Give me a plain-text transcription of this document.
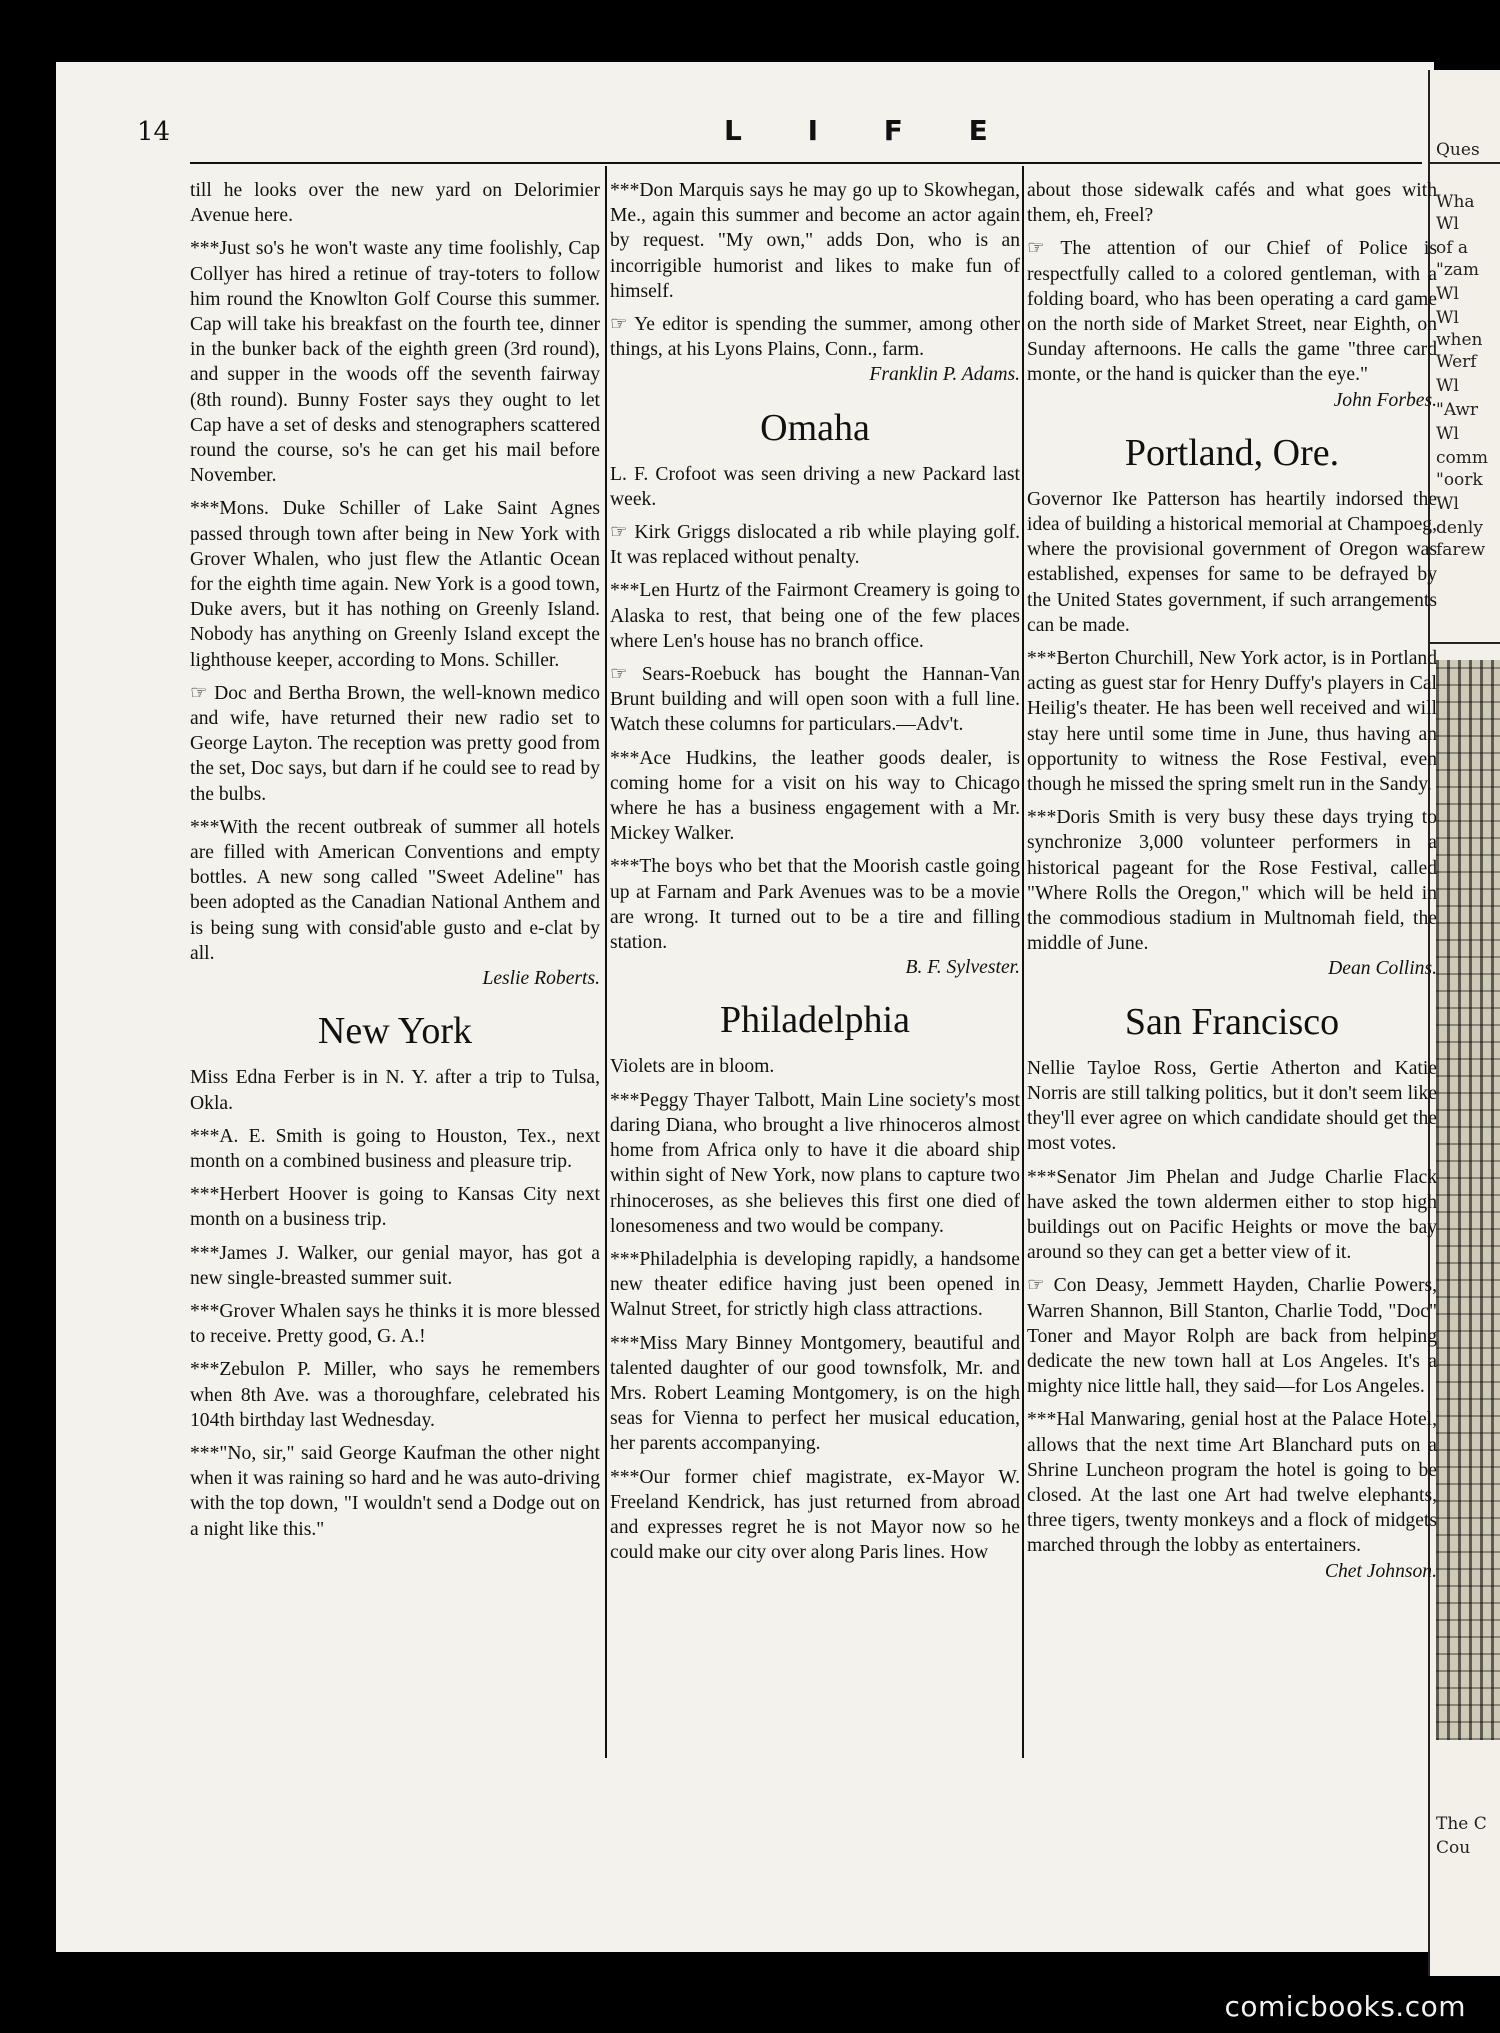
Ques
Wha
Wl
of a
"zam
Wl
Wl
when
Werf
Wl
"Awr
Wl
comm
"oork
Wl
denly
farew
The C
Cou
14	L I F E

till he looks over the new yard on Delorimier Avenue here.

***Just so's he won't waste any time foolishly, Cap Collyer has hired a retinue of tray-toters to follow him round the Knowlton Golf Course this summer. Cap will take his breakfast on the fourth tee, dinner in the bunker back of the eighth green (3rd round), and supper in the woods off the seventh fairway (8th round). Bunny Foster says they ought to let Cap have a set of desks and stenographers scattered round the course, so's he can get his mail before November.

***Mons. Duke Schiller of Lake Saint Agnes passed through town after being in New York with Grover Whalen, who just flew the Atlantic Ocean for the eighth time again. New York is a good town, Duke avers, but it has nothing on Greenly Island. Nobody has anything on Greenly Island except the lighthouse keeper, according to Mons. Schiller.

☞ Doc and Bertha Brown, the well-known medico and wife, have returned their new radio set to George Layton. The reception was pretty good from the set, Doc says, but darn if he could see to read by the bulbs.

***With the recent outbreak of summer all hotels are filled with American Conventions and empty bottles. A new song called "Sweet Adeline" has been adopted as the Canadian National Anthem and is being sung with consid'able gusto and e-clat by all.
Leslie Roberts.

New York

Miss Edna Ferber is in N. Y. after a trip to Tulsa, Okla.

***A. E. Smith is going to Houston, Tex., next month on a combined business and pleasure trip.

***Herbert Hoover is going to Kansas City next month on a business trip.

***James J. Walker, our genial mayor, has got a new single-breasted summer suit.

***Grover Whalen says he thinks it is more blessed to receive. Pretty good, G. A.!

***Zebulon P. Miller, who says he remembers when 8th Ave. was a thoroughfare, celebrated his 104th birthday last Wednesday.

***"No, sir," said George Kaufman the other night when it was raining so hard and he was auto-driving with the top down, "I wouldn't send a Dodge out on a night like this."

***Don Marquis says he may go up to Skowhegan, Me., again this summer and become an actor again by request. "My own," adds Don, who is an incorrigible humorist and likes to make fun of himself.

☞ Ye editor is spending the summer, among other things, at his Lyons Plains, Conn., farm.
Franklin P. Adams.

Omaha

L. F. Crofoot was seen driving a new Packard last week.

☞ Kirk Griggs dislocated a rib while playing golf. It was replaced without penalty.

***Len Hurtz of the Fairmont Creamery is going to Alaska to rest, that being one of the few places where Len's house has no branch office.

☞ Sears-Roebuck has bought the Hannan-Van Brunt building and will open soon with a full line. Watch these columns for particulars.—Adv't.

***Ace Hudkins, the leather goods dealer, is coming home for a visit on his way to Chicago where he has a business engagement with a Mr. Mickey Walker.

***The boys who bet that the Moorish castle going up at Farnam and Park Avenues was to be a movie are wrong. It turned out to be a tire and filling station.
B. F. Sylvester.

Philadelphia

Violets are in bloom.

***Peggy Thayer Talbott, Main Line society's most daring Diana, who brought a live rhinoceros almost home from Africa only to have it die aboard ship within sight of New York, now plans to capture two rhinoceroses, as she believes this first one died of lonesomeness and two would be company.

***Philadelphia is developing rapidly, a handsome new theater edifice having just been opened in Walnut Street, for strictly high class attractions.

***Miss Mary Binney Montgomery, beautiful and talented daughter of our good townsfolk, Mr. and Mrs. Robert Leaming Montgomery, is on the high seas for Vienna to perfect her musical education, her parents accompanying.

***Our former chief magistrate, ex-Mayor W. Freeland Kendrick, has just returned from abroad and expresses regret he is not Mayor now so he could make our city over along Paris lines. How

about those sidewalk cafés and what goes with them, eh, Freel?

☞ The attention of our Chief of Police is respectfully called to a colored gentleman, with a folding board, who has been operating a card game on the north side of Market Street, near Eighth, on Sunday afternoons. He calls the game "three card monte, or the hand is quicker than the eye."
John Forbes.

Portland, Ore.

Governor Ike Patterson has heartily indorsed the idea of building a historical memorial at Champoeg, where the provisional government of Oregon was established, expenses for same to be defrayed by the United States government, if such arrangements can be made.

***Berton Churchill, New York actor, is in Portland acting as guest star for Henry Duffy's players in Cal Heilig's theater. He has been well received and will stay here until some time in June, thus having an opportunity to witness the Rose Festival, even though he missed the spring smelt run in the Sandy.

***Doris Smith is very busy these days trying to synchronize 3,000 volunteer performers in a historical pageant for the Rose Festival, called "Where Rolls the Oregon," which will be held in the commodious stadium in Multnomah field, the middle of June.
Dean Collins.

San Francisco

Nellie Tayloe Ross, Gertie Atherton and Katie Norris are still talking politics, but it don't seem like they'll ever agree on which candidate should get the most votes.

***Senator Jim Phelan and Judge Charlie Flack have asked the town aldermen either to stop high buildings out on Pacific Heights or move the bay around so they can get a better view of it.

☞ Con Deasy, Jemmett Hayden, Charlie Powers, Warren Shannon, Bill Stanton, Charlie Todd, "Doc" Toner and Mayor Rolph are back from helping dedicate the new town hall at Los Angeles. It's a mighty nice little hall, they said—for Los Angeles.

***Hal Manwaring, genial host at the Palace Hotel, allows that the next time Art Blanchard puts on a Shrine Luncheon program the hotel is going to be closed. At the last one Art had twelve elephants, three tigers, twenty monkeys and a flock of midgets marched through the lobby as entertainers.
Chet Johnson.

comicbooks.com
